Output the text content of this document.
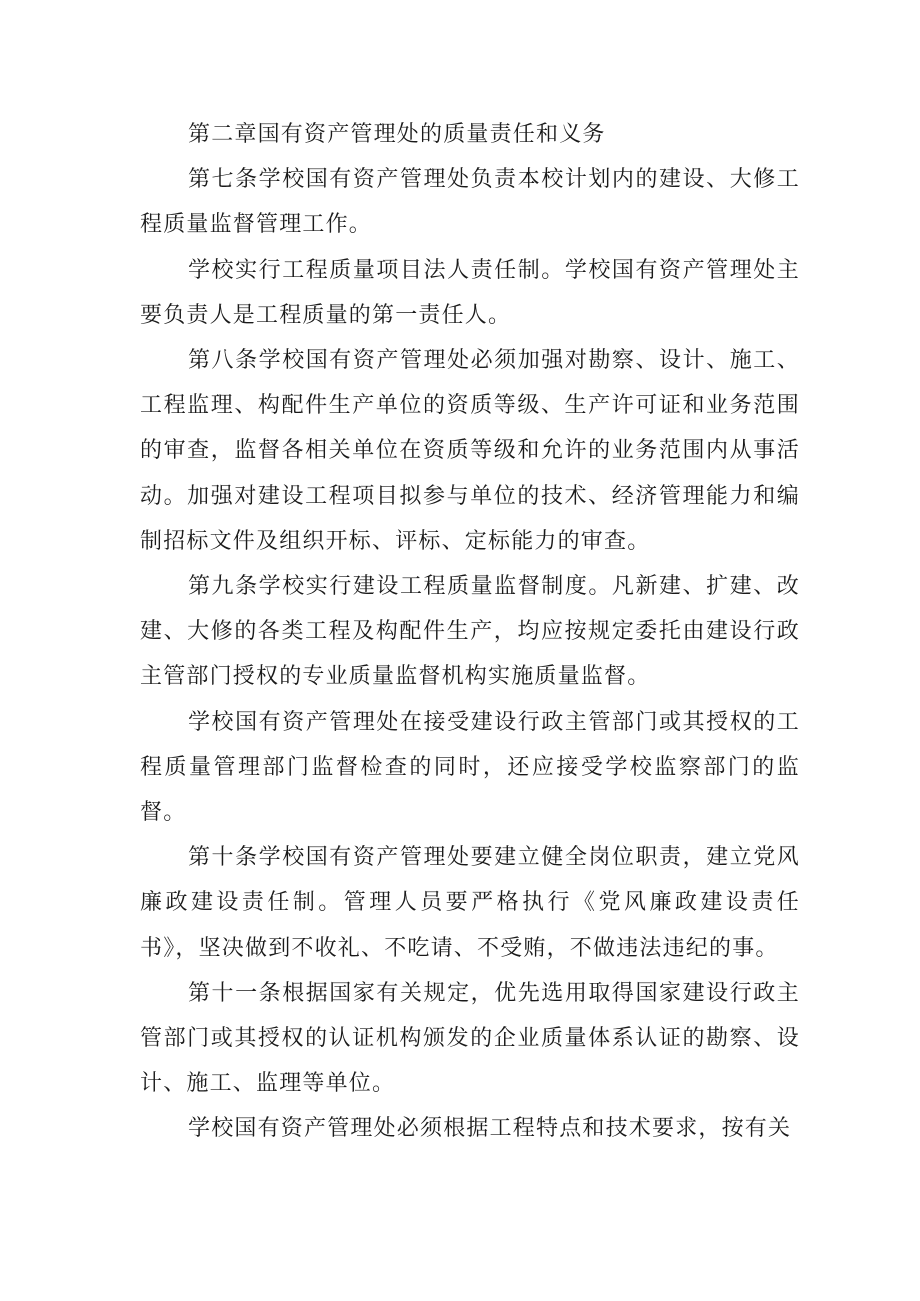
第二章国有资产管理处的质量责任和义务

第七条学校国有资产管理处负责本校计划内的建设、大修工程质量监督管理工作。

学校实行工程质量项目法人责任制。学校国有资产管理处主要负责人是工程质量的第一责任人。

第八条学校国有资产管理处必须加强对勘察、设计、施工、工程监理、构配件生产单位的资质等级、生产许可证和业务范围的审查，监督各相关单位在资质等级和允许的业务范围内从事活动。加强对建设工程项目拟参与单位的技术、经济管理能力和编制招标文件及组织开标、评标、定标能力的审查。

第九条学校实行建设工程质量监督制度。凡新建、扩建、改建、大修的各类工程及构配件生产，均应按规定委托由建设行政主管部门授权的专业质量监督机构实施质量监督。

学校国有资产管理处在接受建设行政主管部门或其授权的工程质量管理部门监督检查的同时，还应接受学校监察部门的监督。

第十条学校国有资产管理处要建立健全岗位职责，建立党风廉政建设责任制。管理人员要严格执行《党风廉政建设责任书》，坚决做到不收礼、不吃请、不受贿，不做违法违纪的事。

第十一条根据国家有关规定，优先选用取得国家建设行政主管部门或其授权的认证机构颁发的企业质量体系认证的勘察、设计、施工、监理等单位。

学校国有资产管理处必须根据工程特点和技术要求，按有关
